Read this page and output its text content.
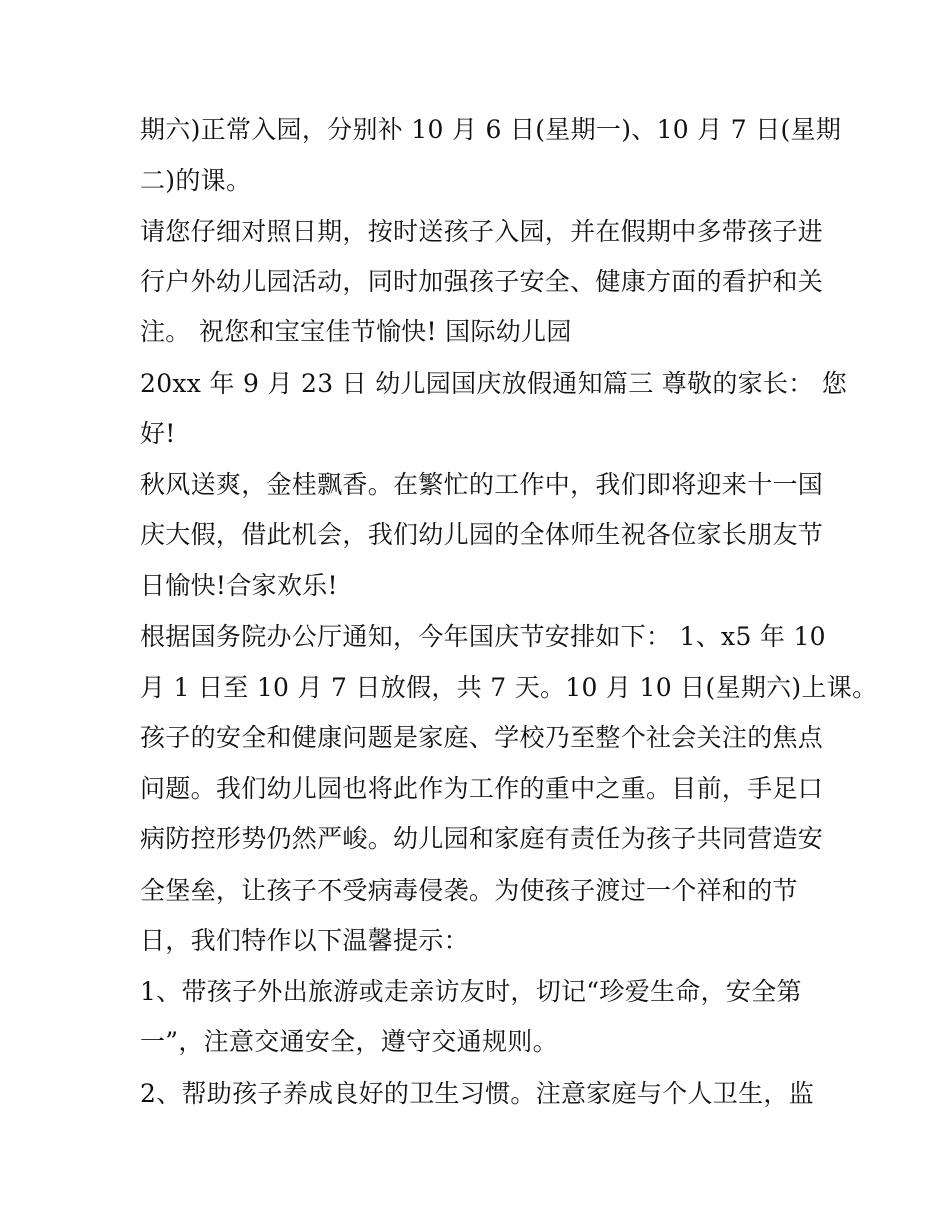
期六)正常入园，分别补 10 月 6 日(星期一)、10 月 7 日(星期
二)的课。
请您仔细对照日期，按时送孩子入园，并在假期中多带孩子进
行户外幼儿园活动，同时加强孩子安全、健康方面的看护和关
注。 祝您和宝宝佳节愉快! 国际幼儿园
20xx 年 9 月 23 日 幼儿园国庆放假通知篇三 尊敬的家长： 您
好!
秋风送爽，金桂飘香。在繁忙的工作中，我们即将迎来十一国
庆大假，借此机会，我们幼儿园的全体师生祝各位家长朋友节
日愉快!合家欢乐!
根据国务院办公厅通知，今年国庆节安排如下： 1、x5 年 10
月 1 日至 10 月 7 日放假，共 7 天。10 月 10 日(星期六)上课。
孩子的安全和健康问题是家庭、学校乃至整个社会关注的焦点
问题。我们幼儿园也将此作为工作的重中之重。目前，手足口
病防控形势仍然严峻。幼儿园和家庭有责任为孩子共同营造安
全堡垒，让孩子不受病毒侵袭。为使孩子渡过一个祥和的节
日，我们特作以下温馨提示：
1、带孩子外出旅游或走亲访友时，切记“珍爱生命，安全第
一”，注意交通安全，遵守交通规则。
2、帮助孩子养成良好的卫生习惯。注意家庭与个人卫生，监
